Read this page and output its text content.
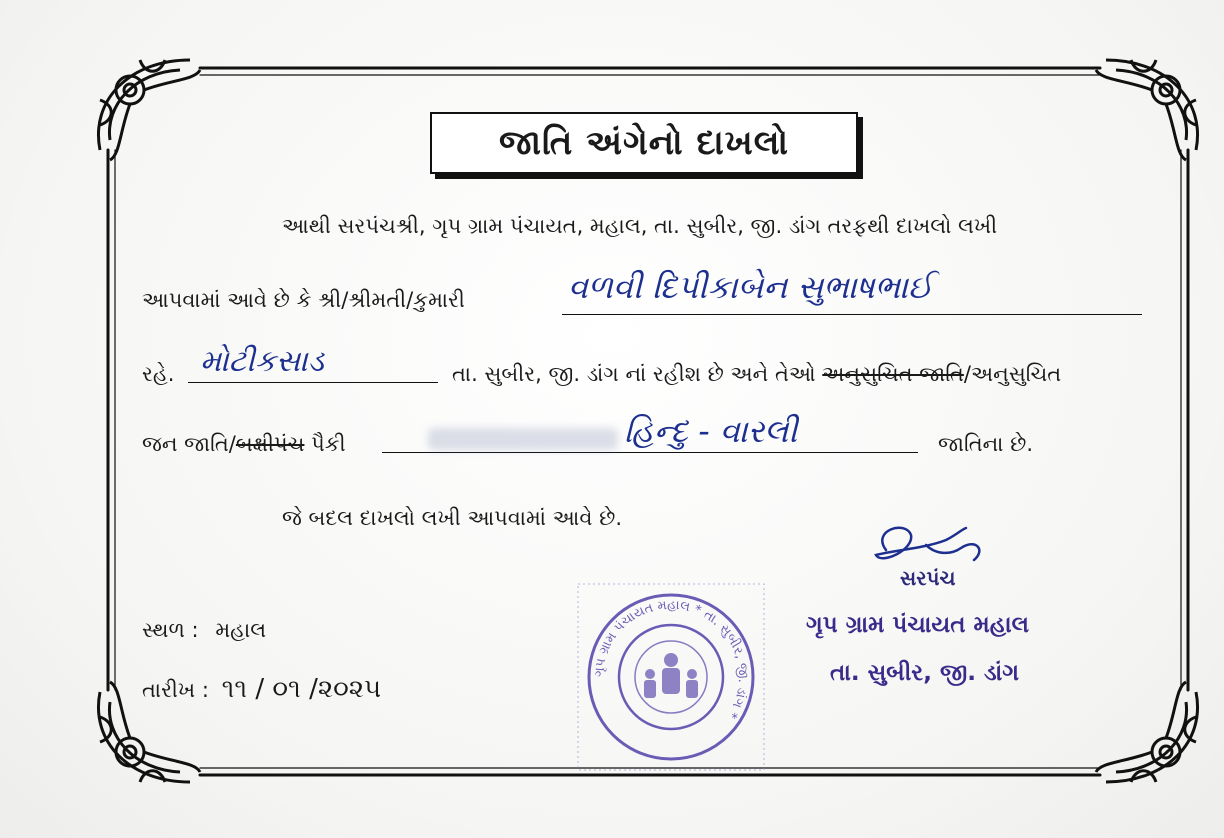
જાતિ અંગેનો દાખલો
આથી સરપંચશ્રી, ગૃપ ગ્રામ પંચાયત, મહાલ, તા. સુબીર, જી. ડાંગ તરફથી દાખલો લખી
આપવામાં આવે છે કે શ્રી/શ્રીમતી/કુમારી	વળવી દિપીકાબેન સુભાષભાઈ
રહે. મોટીકસાડ	તા. સુબીર, જી. ડાંગ નાં રહીશ છે અને તેઓ અનુસુચિત જાતિ/અનુસુચિત
જન જાતિ/બક્ષીપંચ પૈકી	હિન્દુ - વારલી	જાતિના છે.
જે બદલ દાખલો લખી આપવામાં આવે છે.
સ્થળ : મહાલ
તારીખ : ૧૧ / ૦૧ /૨૦૨૫
ગૃપ ગ્રામ પંચાયત મહાલ * તા. સુબીર, જી. ડાંગ *
સરપંચ
ગૃપ ગ્રામ પંચાયત મહાલ
તા. સુબીર, જી. ડાંગ
